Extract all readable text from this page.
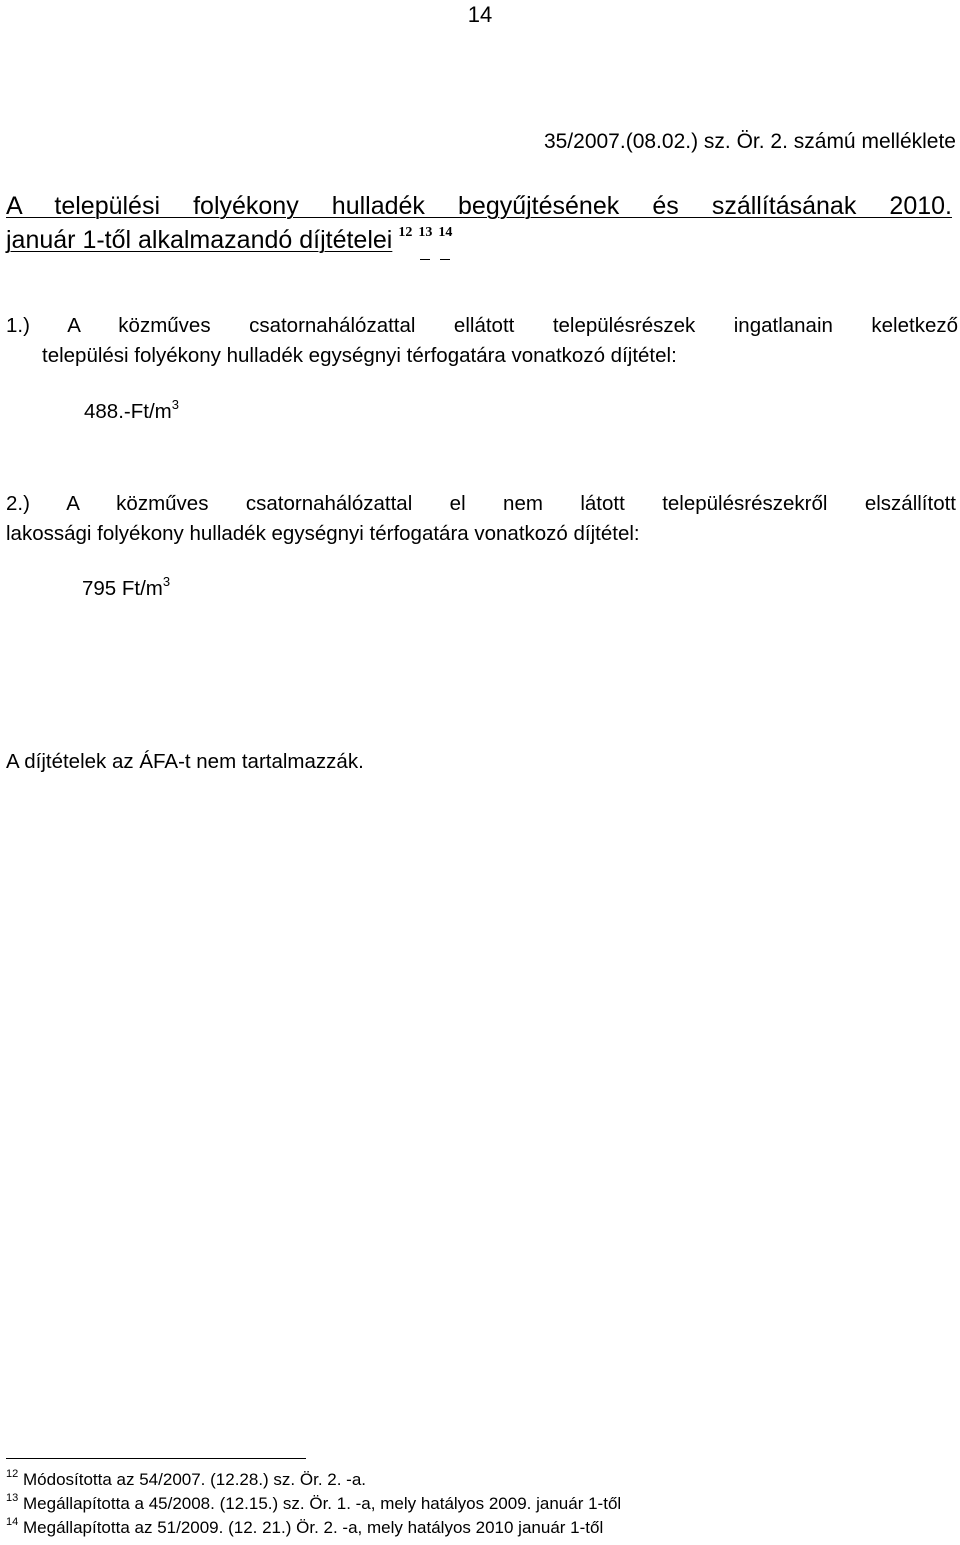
14
35/2007.(08.02.) sz. Ör. 2. számú melléklete
A települési folyékony hulladék begyűjtésének és szállításának 2010.
január 1-től alkalmazandó díjtételei 12 13 14
1.) A közműves csatornahálózattal ellátott településrészek ingatlanain keletkező
települési folyékony hulladék egységnyi térfogatára vonatkozó díjtétel:
$488.-Ft/m^3$
2.) A közműves csatornahálózattal el nem látott településrészekről elszállított
lakossági folyékony hulladék egységnyi térfogatára vonatkozó díjtétel:
795 $Ft/m^3$
A díjtételek az ÁFA-t nem tartalmazzák.
12 Módosította az 54/2007. (12.28.) sz. Ör. 2. -a.
13 Megállapította a 45/2008. (12.15.) sz. Ör. 1. -a, mely hatályos 2009. január 1-től
14 Megállapította az 51/2009. (12. 21.) Ör. 2. -a, mely hatályos 2010 január 1-től
